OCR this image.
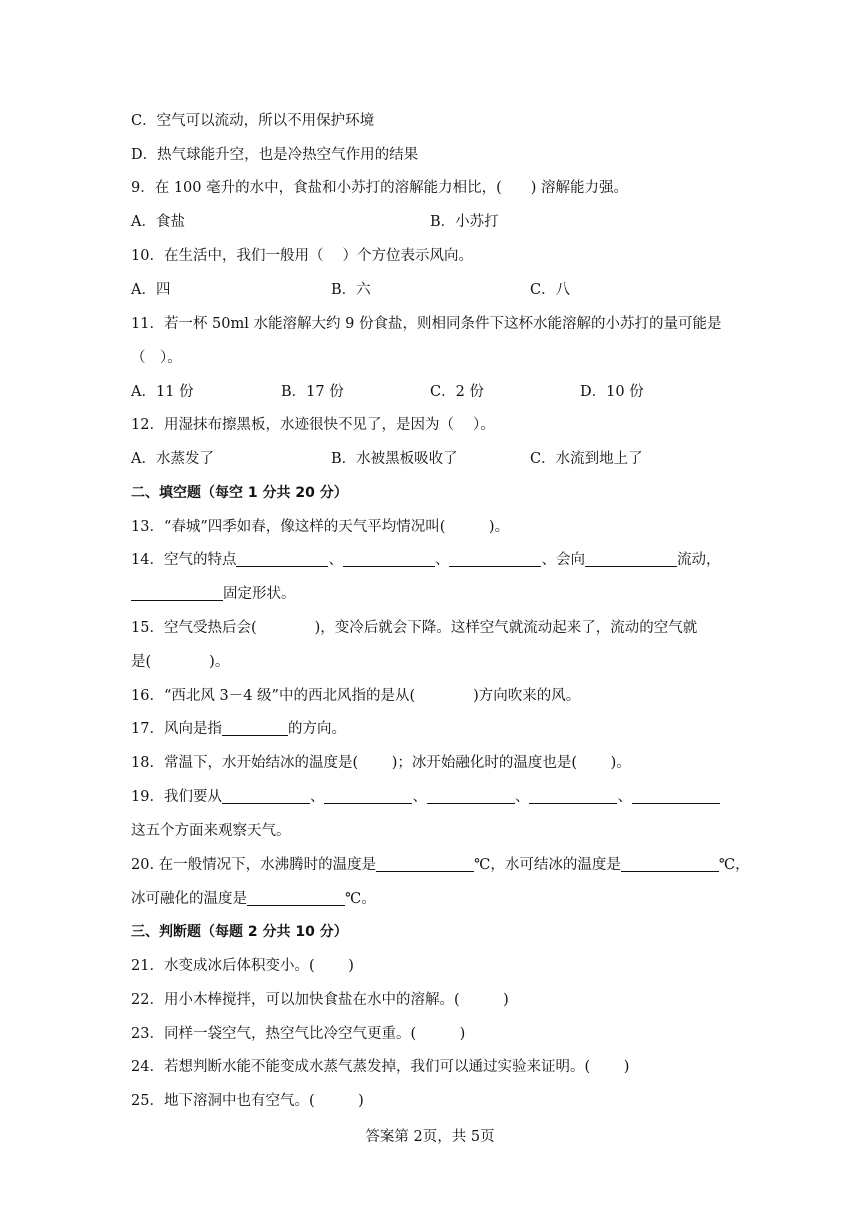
C．空气可以流动，所以不用保护环境
D．热气球能升空，也是冷热空气作用的结果
9．在 100 毫升的水中，食盐和小苏打的溶解能力相比，(　　) 溶解能力强。
A．食盐	B．小苏打
10．在生活中，我们一般用（　 ）个方位表示风向。
A．四	B．六	C．八
11．若一杯 50ml 水能溶解大约 9 份食盐，则相同条件下这杯水能溶解的小苏打的量可能是
（　）。
A．11 份	B．17 份	C．2 份	D．10 份
12．用湿抹布擦黑板，水迹很快不见了，是因为（　 ）。
A．水蒸发了	B．水被黑板吸收了	C．水流到地上了
二、填空题（每空 1 分共 20 分）
13．“春城”四季如春，像这样的天气平均情况叫(　　　)。
14．空气的特点	、	、	、会向	流动，
固定形状。
15．空气受热后会(　　　　)，变冷后就会下降。这样空气就流动起来了，流动的空气就
是(　　　　)。
16．“西北风 3－4 级”中的西北风指的是从(　　　　)方向吹来的风。
17．风向是指	的方向。
18．常温下，水开始结冰的温度是(　　 )；冰开始融化时的温度也是(　　 )。
19．我们要从	、	、	、	、
这五个方面来观察天气。
20. 在一般情况下，水沸腾时的温度是	℃，水可结冰的温度是	℃，
冰可融化的温度是	℃。
三、判断题（每题 2 分共 10 分）
21．水变成冰后体积变小。(　　 )
22．用小木棒搅拌，可以加快食盐在水中的溶解。(　　　)
23．同样一袋空气，热空气比冷空气更重。(　　　)
24．若想判断水能不能变成水蒸气蒸发掉，我们可以通过实验来证明。(　　 )
25．地下溶洞中也有空气。(　　　)
答案第 2页，共 5页
